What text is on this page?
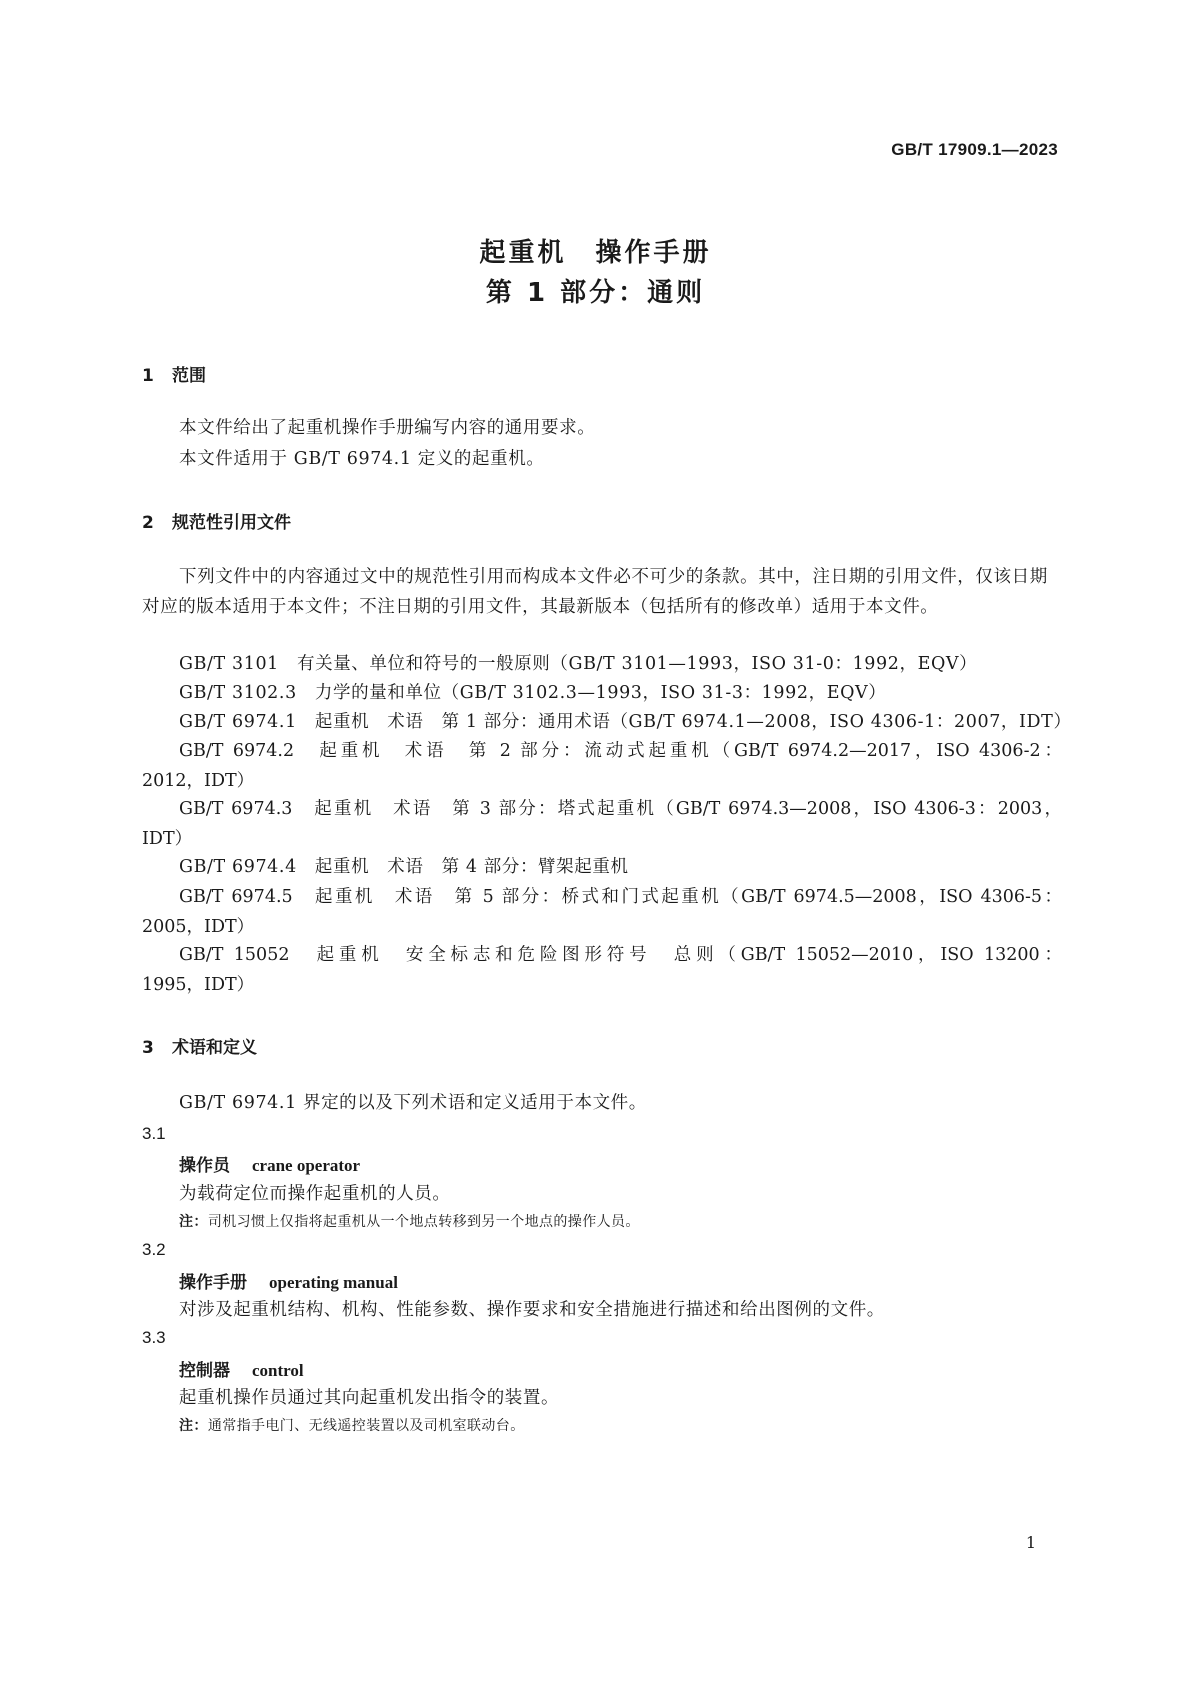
GB/T 17909.1—2023
起重机　操作手册
第 1 部分：通则
1 范围
本文件给出了起重机操作手册编写内容的通用要求。
本文件适用于 GB/T 6974.1 定义的起重机。
2 规范性引用文件
下列文件中的内容通过文中的规范性引用而构成本文件必不可少的条款。其中，注日期的引用文件，仅该日期对应的版本适用于本文件；不注日期的引用文件，其最新版本（包括所有的修改单）适用于本文件。
GB/T 3101　有关量、单位和符号的一般原则（GB/T 3101—1993，ISO 31-0：1992，EQV）
GB/T 3102.3　力学的量和单位（GB/T 3102.3—1993，ISO 31-3：1992，EQV）
GB/T 6974.1　起重机　术语　第 1 部分：通用术语（GB/T 6974.1—2008，ISO 4306-1：2007，IDT）
GB/T 6974.2　起重机　术语　第 2 部分：流动式起重机（GB/T 6974.2—2017，ISO 4306-2：
2012，IDT）
GB/T 6974.3　起重机　术语　第 3 部分：塔式起重机（GB/T 6974.3—2008，ISO 4306-3：2003，
IDT）
GB/T 6974.4　起重机　术语　第 4 部分：臂架起重机
GB/T 6974.5　起重机　术语　第 5 部分：桥式和门式起重机（GB/T 6974.5—2008，ISO 4306-5：
2005，IDT）
GB/T 15052　起重机　安全标志和危险图形符号　总则（GB/T 15052—2010，ISO 13200：
1995，IDT）
3 术语和定义
GB/T 6974.1 界定的以及下列术语和定义适用于本文件。
3.1
操作员 crane operator
为载荷定位而操作起重机的人员。
注：司机习惯上仅指将起重机从一个地点转移到另一个地点的操作人员。
3.2
操作手册 operating manual
对涉及起重机结构、机构、性能参数、操作要求和安全措施进行描述和给出图例的文件。
3.3
控制器 control
起重机操作员通过其向起重机发出指令的装置。
注：通常指手电门、无线遥控装置以及司机室联动台。
1
